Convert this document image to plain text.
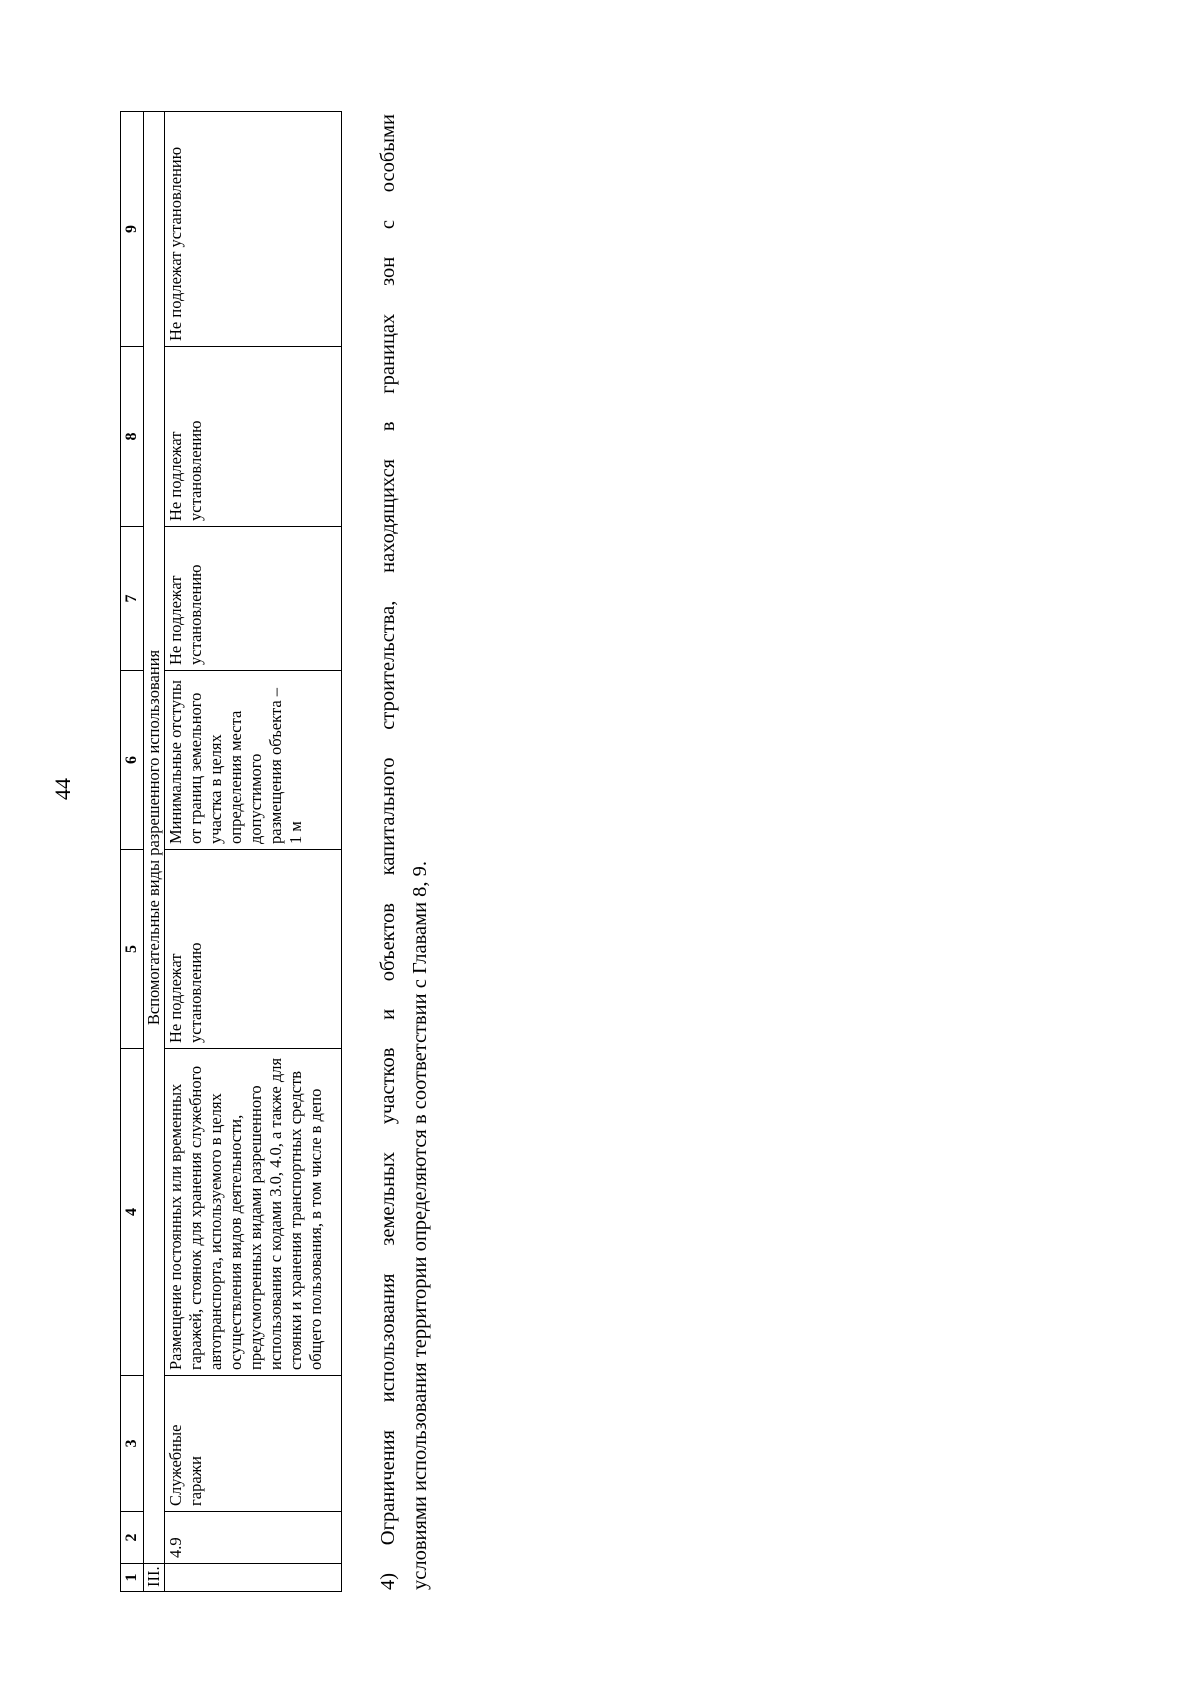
44
1	2	3	4	5	6	7	8	9
III.	Вспомогательные виды разрешенного использования							
	4.9	Служебные гаражи	Размещение постоянных или временных гаражей, стоянок для хранения служебного автотранспорта, используемого в целях осуществления видов деятельности, предусмотренных видами разрешенного использования с кодами 3.0, 4.0, а также для стоянки и хранения транспортных средств общего пользования, в том числе в депо	Не подлежат установлению	Минимальные отступы от границ земельного участка в целях определения места допустимого размещения объекта – 1 м	Не подлежат установлению	Не подлежат установлению	Не подлежат установлению	4) Ограничения использования земельных участков и объектов капитального строительства, находящихся в границах зон с особыми условиями использования территории определяются в соответствии с Главами 8, 9.
